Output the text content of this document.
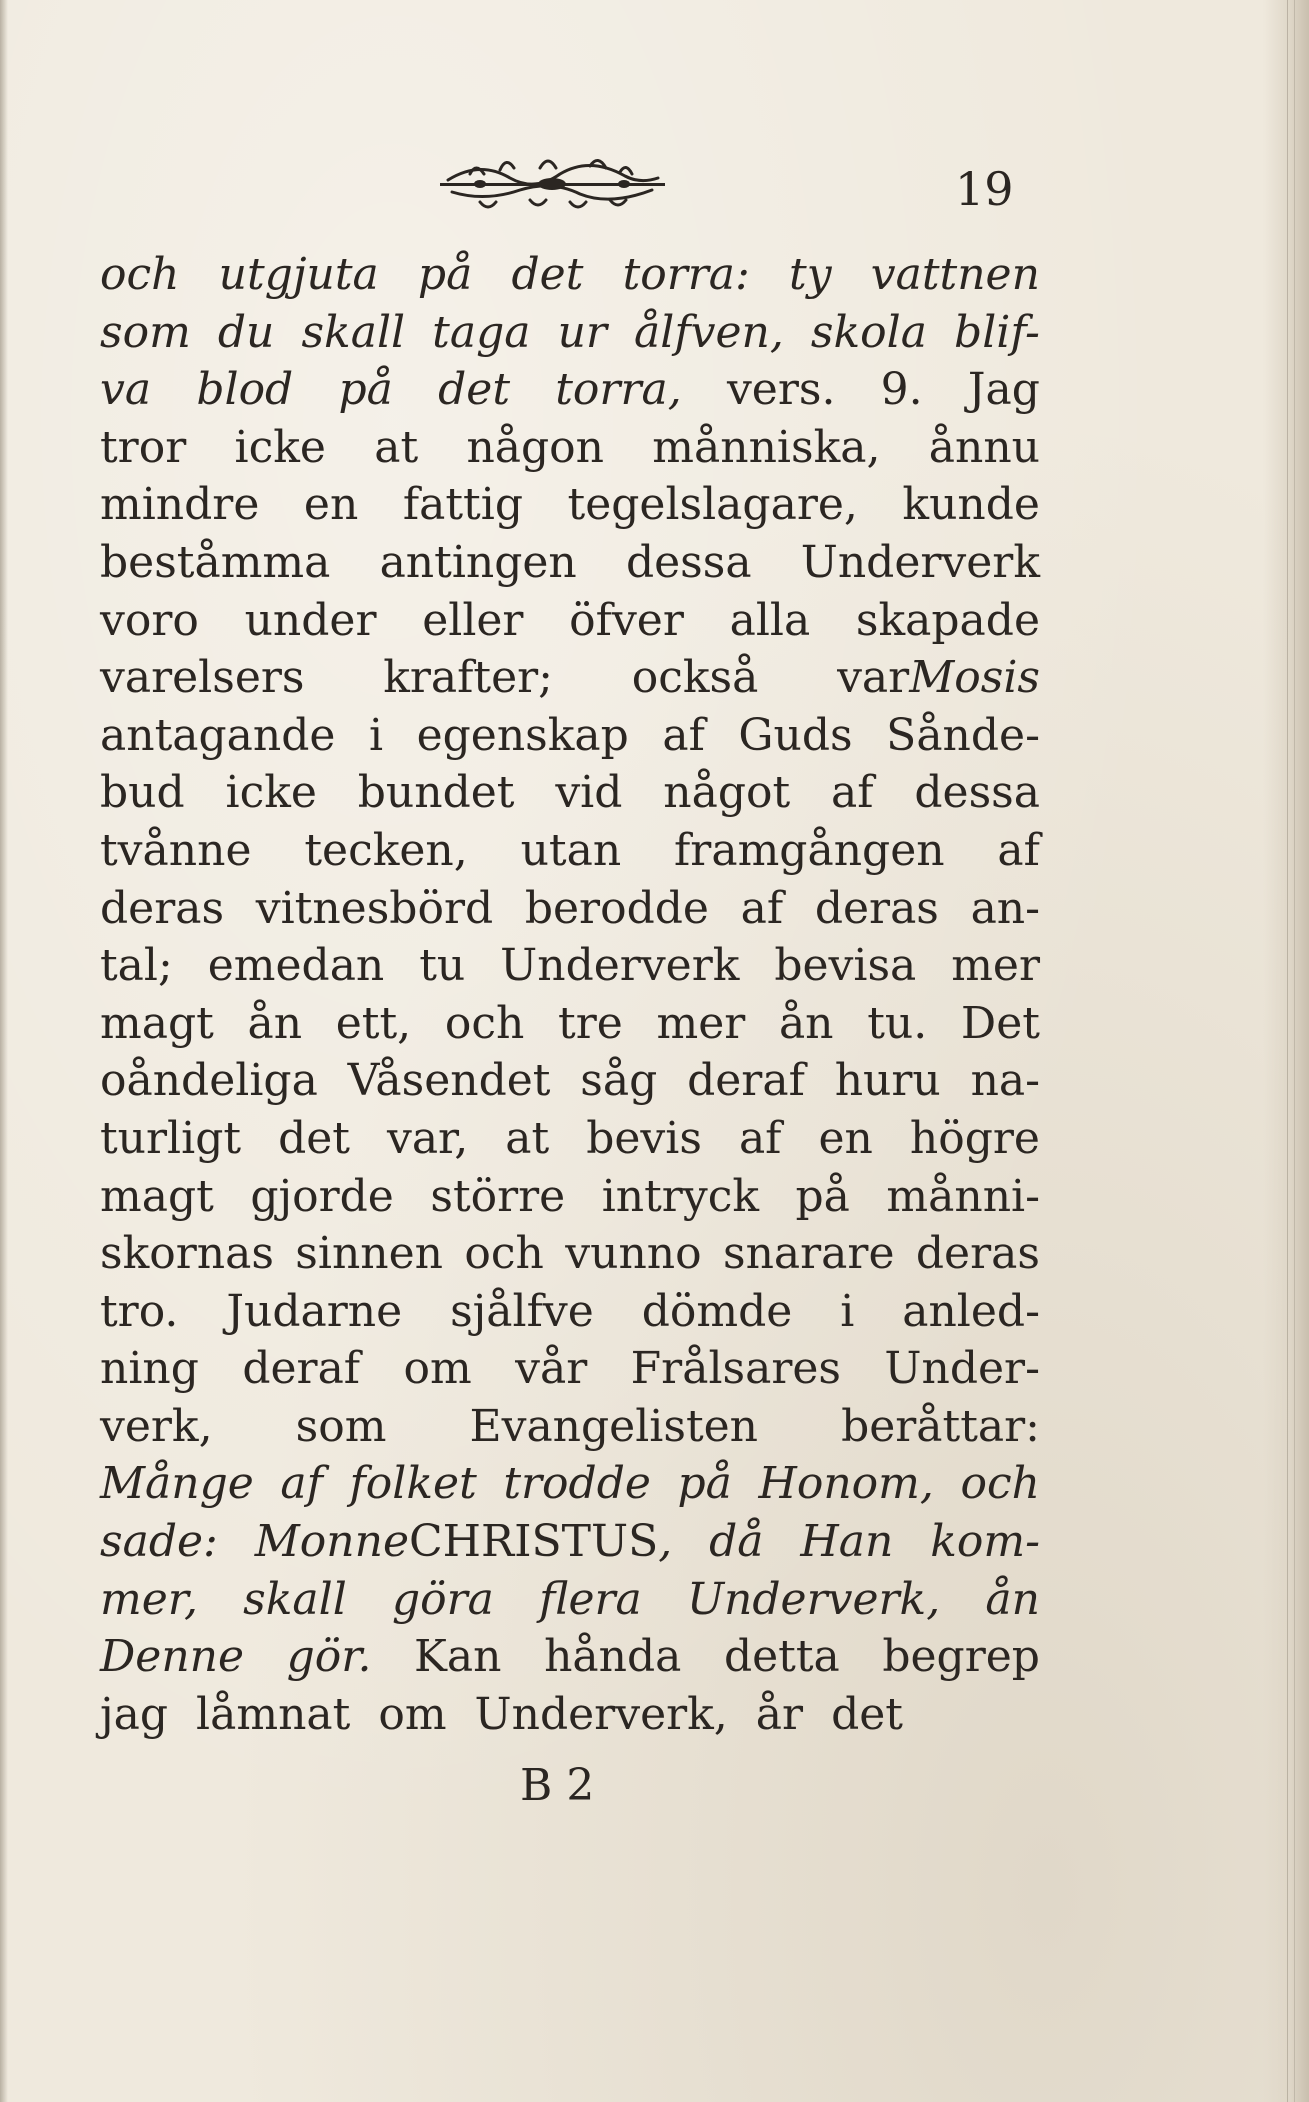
19
och utgjuta på det torra: ty vattnen
som du skall taga ur ålfven, skola blif-
va blod på det torra, vers. 9. Jag
tror icke at någon månniska, ånnu
mindre en fattig tegelslagare, kunde
beståmma antingen dessa Underverk
voro under eller öfver alla skapade
varelsers krafter; också varMosis
antagande i egenskap af Guds Sånde-
bud icke bundet vid något af dessa
tvånne tecken, utan framgången af
deras vitnesbörd berodde af deras an-
tal; emedan tu Underverk bevisa mer
magt ån ett, och tre mer ån tu. Det
oåndeliga Våsendet såg deraf huru na-
turligt det var, at bevis af en högre
magt gjorde större intryck på månni-
skornas sinnen och vunno snarare deras
tro. Judarne sjålfve dömde i anled-
ning deraf om vår Frålsares Under-
verk, som Evangelisten beråttar:
Månge af folket trodde på Honom, och
sade: MonneCHRISTUS, då Han kom-
mer, skall göra flera Underverk, ån
Denne gör. Kan hånda detta begrep
jag låmnat om Underverk, år det
B 2
